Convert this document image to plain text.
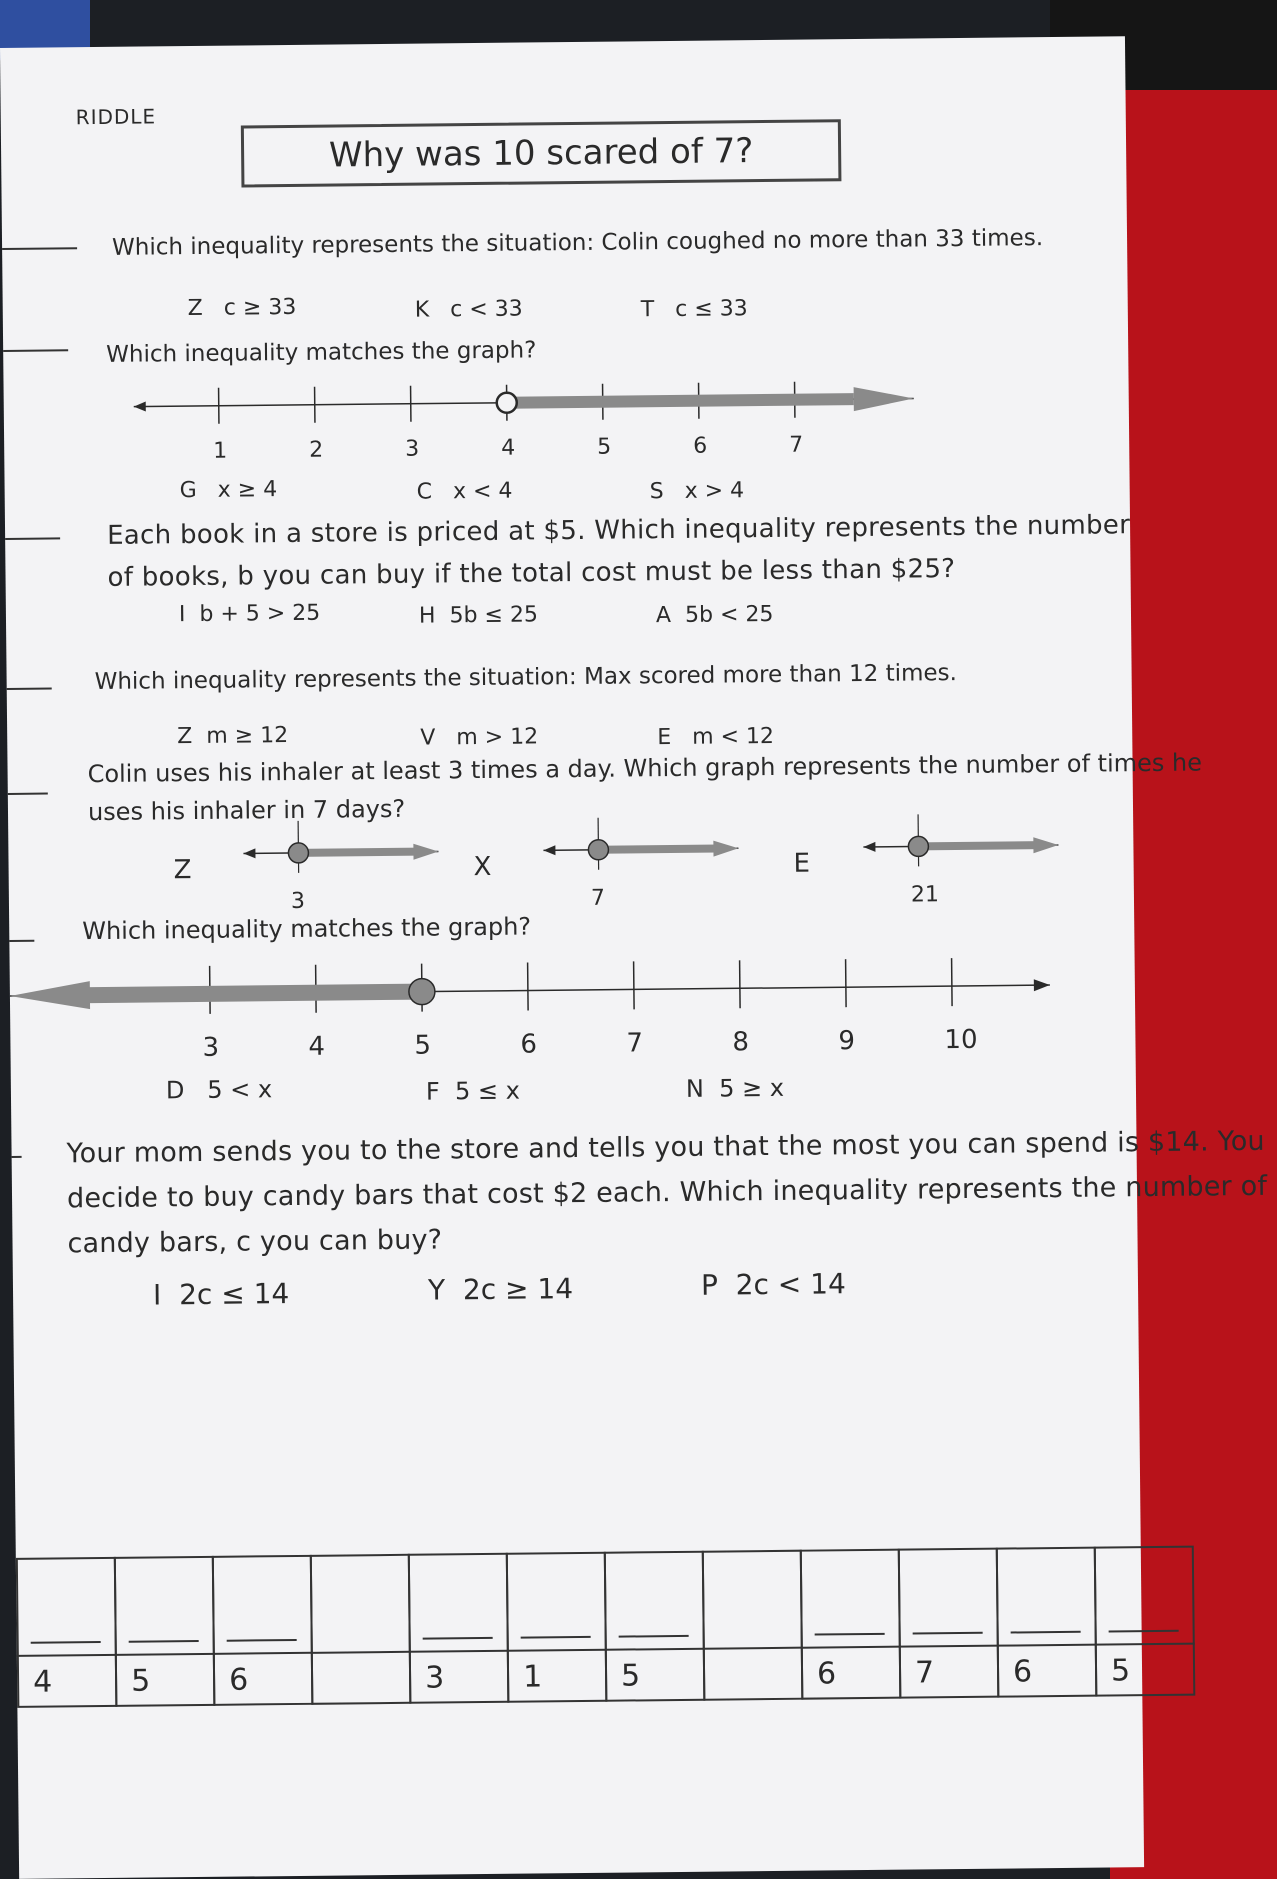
RIDDLE
Why was 10 scared of 7?
Which inequality represents the situation: Colin coughed no more than 33 times.
Z c ≥ 33	K c < 33	T c ≤ 33
Which inequality matches the graph?
1	2	3	4	5	6	7
G x ≥ 4	C x < 4	S x > 4
Each book in a store is priced at $5. Which inequality represents the number of books, b you can buy if the total cost must be less than $25?
I b + 5 > 25	H 5b ≤ 25	A 5b < 25
Which inequality represents the situation: Max scored more than 12 times.
Z m ≥ 12	V m > 12	E m < 12
Colin uses his inhaler at least 3 times a day. Which graph represents the number of times he uses his inhaler in 7 days?
Z
3
X
7
E
21
Which inequality matches the graph?
3	4	5	6	7	8	9	10
D 5 < x	F 5 ≤ x	N 5 ≥ x
Your mom sends you to the store and tells you that the most you can spend is $14. You decide to buy candy bars that cost $2 each. Which inequality represents the number of candy bars, c you can buy?
I 2c ≤ 14	Y 2c ≥ 14	P 2c < 14
4	5	6	3	1	5	6	7	6	5
